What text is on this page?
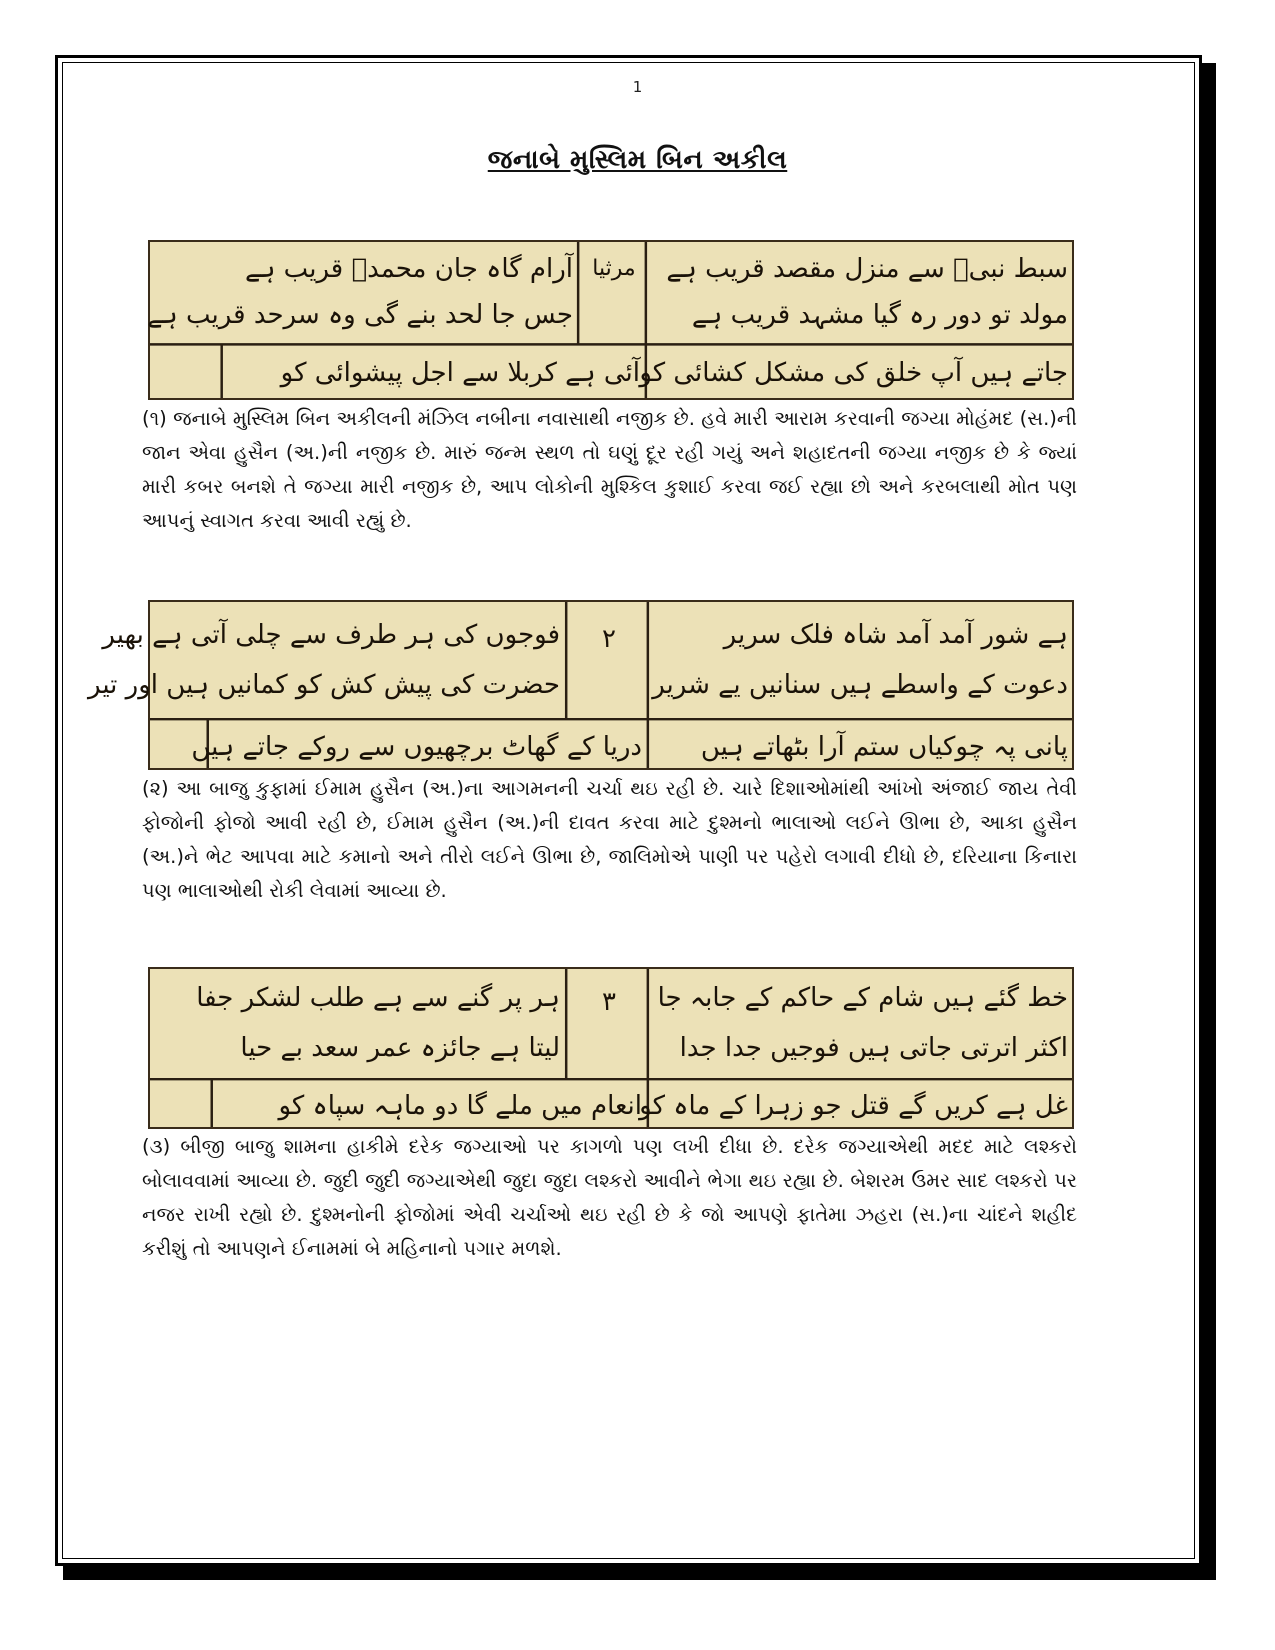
1
જનાબે મુસ્લિમ બિન અકીલ
سبط نبیؐ سے منزل مقصد قریب ہے
مولد تو دور رہ گیا مشہد قریب ہے
مرثیا
آرام گاہ جان محمدؐ قریب ہے
جس جا لحد بنے گی وہ سرحد قریب ہے
جاتے ہیں آپ خلق کی مشکل کشائی کو
آئی ہے کربلا سے اجل پیشوائی کو

(૧) જનાબે મુસ્લિમ બિન અકીલની મંઝિલ નબીના નવાસાથી નજીક છે. હવે મારી આરામ કરવાની જગ્યા મોહંમદ (સ.)ની જાન એવા હુસૈન (અ.)ની નજીક છે. મારું જન્મ સ્થળ તો ઘણું દૂર રહી ગયું અને શહાદતની જગ્યા નજીક છે કે જ્યાં મારી કબર બનશે તે જગ્યા મારી નજીક છે, આપ લોકોની મુશ્કિલ કુશાઈ કરવા જઈ રહ્યા છો અને કરબલાથી મોત પણ આપનું સ્વાગત કરવા આવી રહ્યું છે.

ہے شور آمد آمد شاہ فلک سریر
دعوت کے واسطے ہیں سنانیں یے شریر
۲
فوجوں کی ہر طرف سے چلی آتی ہے بھیر
حضرت کی پیش کش کو کمانیں ہیں اور تیر
پانی پہ چوکیاں ستم آرا بٹھاتے ہیں
دریا کے گھاٹ برچھیوں سے روکے جاتے ہیں

(૨) આ બાજુ કુફામાં ઈમામ હુસૈન (અ.)ના આગમનની ચર્ચા થઇ રહી છે. ચારે દિશાઓમાંથી આંખો અંજાઈ જાય તેવી ફોજોની ફોજો આવી રહી છે, ઈમામ હુસૈન (અ.)ની દાવત કરવા માટે દુશ્મનો ભાલાઓ લઈને ઊભા છે, આકા હુસૈન (અ.)ને ભેટ આપવા માટે કમાનો અને તીરો લઈને ઊભા છે, જાલિમોએ પાણી પર પહેરો લગાવી દીધો છે, દરિયાના કિનારા પણ ભાલાઓથી રોકી લેવામાં આવ્યા છે.

خط گئے ہیں شام کے حاکم کے جابہ جا
اکثر اترتی جاتی ہیں فوجیں جدا جدا
۳
ہر پر گنے سے ہے طلب لشکر جفا
لیتا ہے جائزہ عمر سعد بے حیا
غل ہے کریں گے قتل جو زہرا کے ماہ کو
انعام میں ملے گا دو ماہہ سپاہ کو

(૩) બીજી બાજુ શામના હાકીમે દરેક જગ્યાઓ પર કાગળો પણ લખી દીધા છે. દરેક જગ્યાએથી મદદ માટે લશ્કરો બોલાવવામાં આવ્યા છે. જુદી જુદી જગ્યાએથી જુદા જુદા લશ્કરો આવીને ભેગા થઇ રહ્યા છે. બેશરમ ઉમર સાદ લશ્કરો પર નજર રાખી રહ્યો છે. દુશ્મનોની ફોજોમાં એવી ચર્ચાઓ થઇ રહી છે કે જો આપણે ફાતેમા ઝહરા (સ.)ના ચાંદને શહીદ કરીશું તો આપણને ઈનામમાં બે મહિનાનો પગાર મળશે.
